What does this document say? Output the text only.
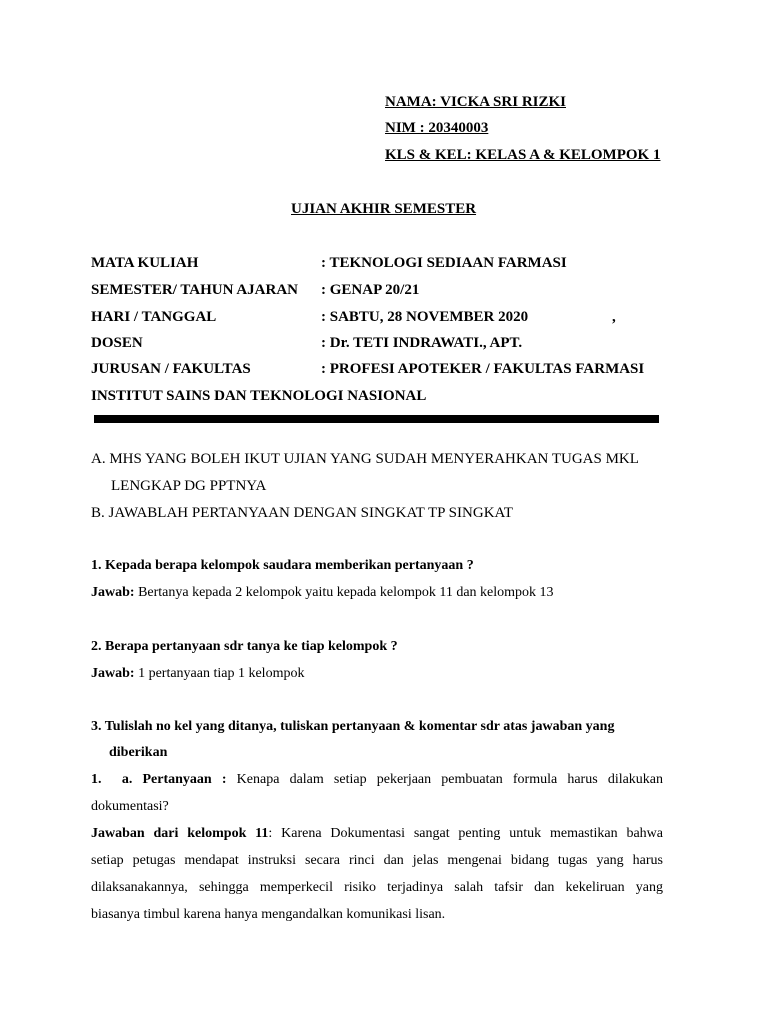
NAMA: VICKA SRI RIZKI
NIM : 20340003
KLS & KEL: KELAS A & KELOMPOK 1
UJIAN AKHIR SEMESTER
MATA KULIAH	: TEKNOLOGI SEDIAAN FARMASI
SEMESTER/ TAHUN AJARAN : GENAP 20/21
HARI / TANGGAL	: SABTU, 28 NOVEMBER 2020	,
DOSEN	: Dr. TETI INDRAWATI., APT.
JURUSAN / FAKULTAS	: PROFESI APOTEKER / FAKULTAS FARMASI
INSTITUT SAINS DAN TEKNOLOGI NASIONAL
A. MHS YANG BOLEH IKUT UJIAN YANG SUDAH MENYERAHKAN TUGAS MKL
LENGKAP DG PPTNYA
B. JAWABLAH PERTANYAAN DENGAN SINGKAT TP SINGKAT
1. Kepada berapa kelompok saudara memberikan pertanyaan ?
Jawab: Bertanya kepada 2 kelompok yaitu kepada kelompok 11 dan kelompok 13
2. Berapa pertanyaan sdr tanya ke tiap kelompok ?
Jawab: 1 pertanyaan tiap 1 kelompok
3. Tulislah no kel yang ditanya, tuliskan pertanyaan & komentar sdr atas jawaban yang
diberikan
1. a. Pertanyaan : Kenapa dalam setiap pekerjaan pembuatan formula harus dilakukan
dokumentasi?
Jawaban dari kelompok 11: Karena Dokumentasi sangat penting untuk memastikan bahwa
setiap petugas mendapat instruksi secara rinci dan jelas mengenai bidang tugas yang harus
dilaksanakannya, sehingga memperkecil risiko terjadinya salah tafsir dan kekeliruan yang
biasanya timbul karena hanya mengandalkan komunikasi lisan.
